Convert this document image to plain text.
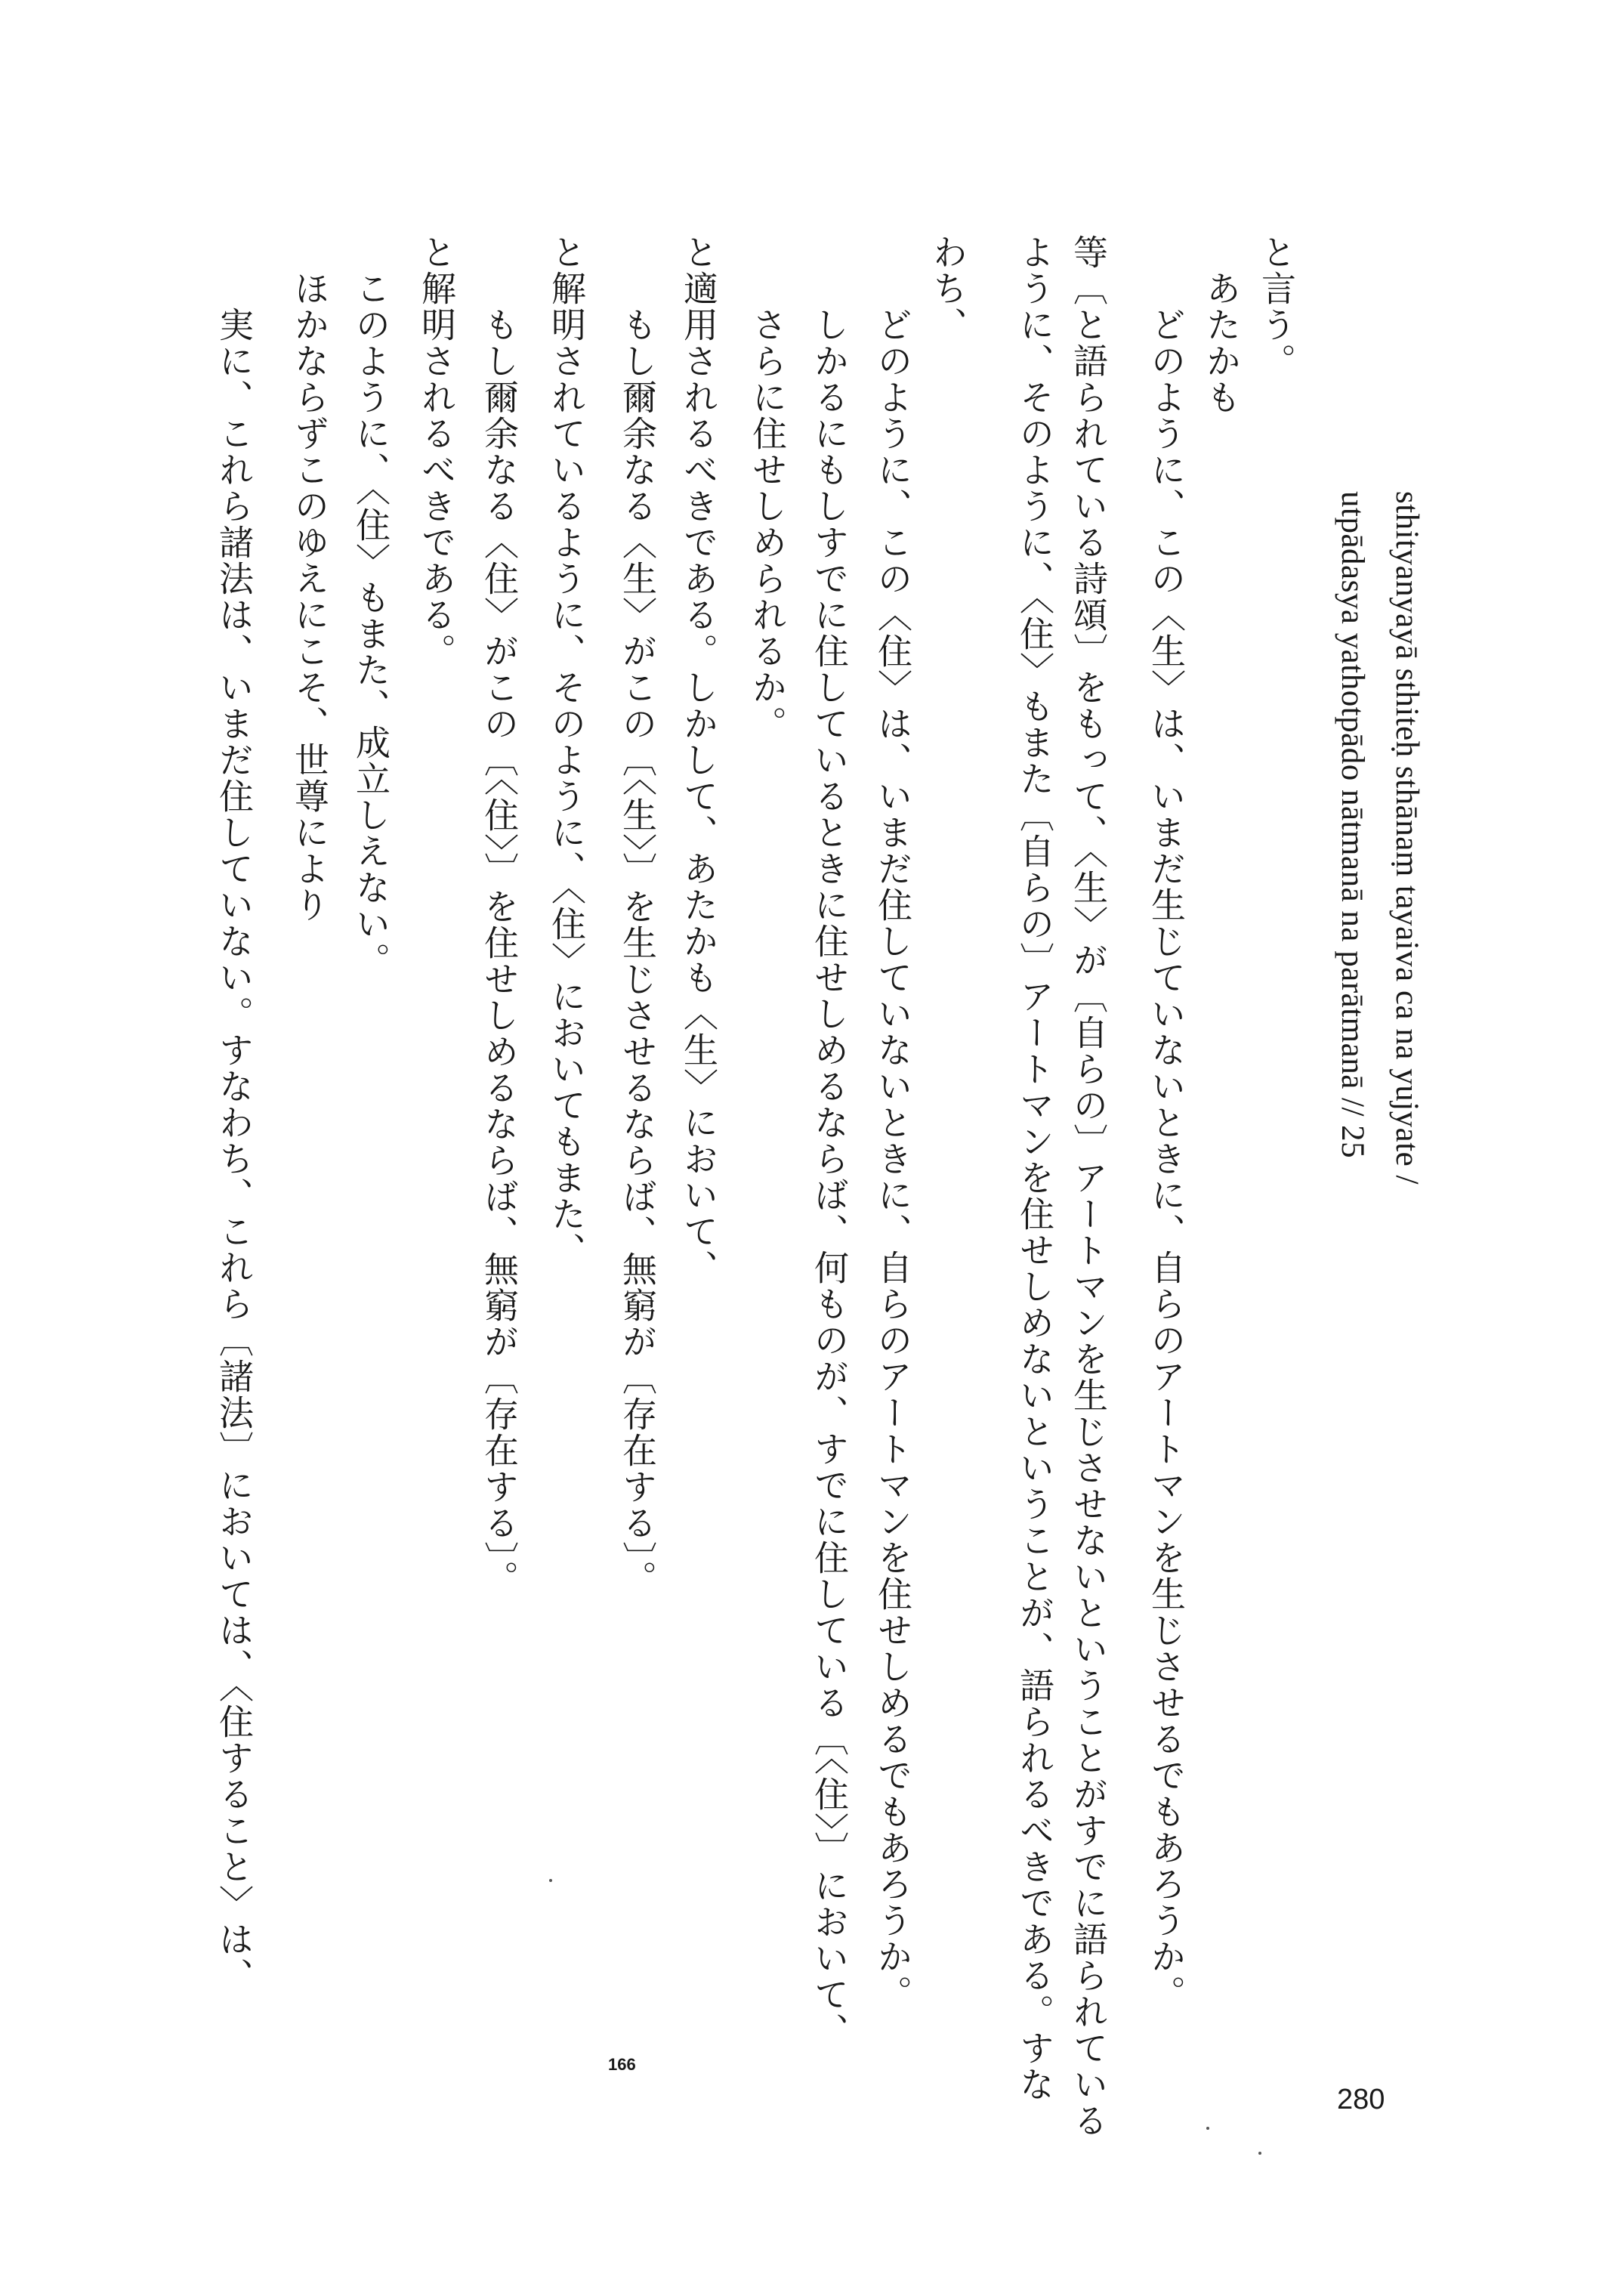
sthityanyayā sthiteḥ sthānaṃ tayaiva ca na yujyate /
utpādasya yathotpādo nātmanā na parātmanā // 25
と言う。
　あたかも
　　どのように、この〈生〉は、いまだ生じていないときに、自らのアートマンを生じさせるでもあろうか。
等〔と語られている詩頌〕をもって、〈生〉が〔自らの〕アートマンを生じさせないということがすでに語られている
ように、そのように、〈住〉もまた〔自らの〕アートマンを住せしめないということが、語られるべきである。すな
わち、
　　どのように、この〈住〉は、いまだ住していないときに、自らのアートマンを住せしめるでもあろうか。
　　しかるにもしすでに住しているときに住せしめるならば、何ものが、すでに住している〔〈住〉〕において、
　　さらに住せしめられるか。
と適用されるべきである。しかして、あたかも〈生〉において、
　　もし爾余なる〈生〉がこの〔〈生〉〕を生じさせるならば、無窮が〔存在する〕。
と解明されているように、そのように、〈住〉においてもまた、
　　もし爾余なる〈住〉がこの〔〈住〉〕を住せしめるならば、無窮が〔存在する〕。
と解明されるべきである。
　このように、〈住〉もまた、成立しえない。
　ほかならずこのゆえにこそ、世尊により
　　実に、これら諸法は、いまだ住していない。すなわち、これら〔諸法〕においては、〈住すること〉は、
166
280
